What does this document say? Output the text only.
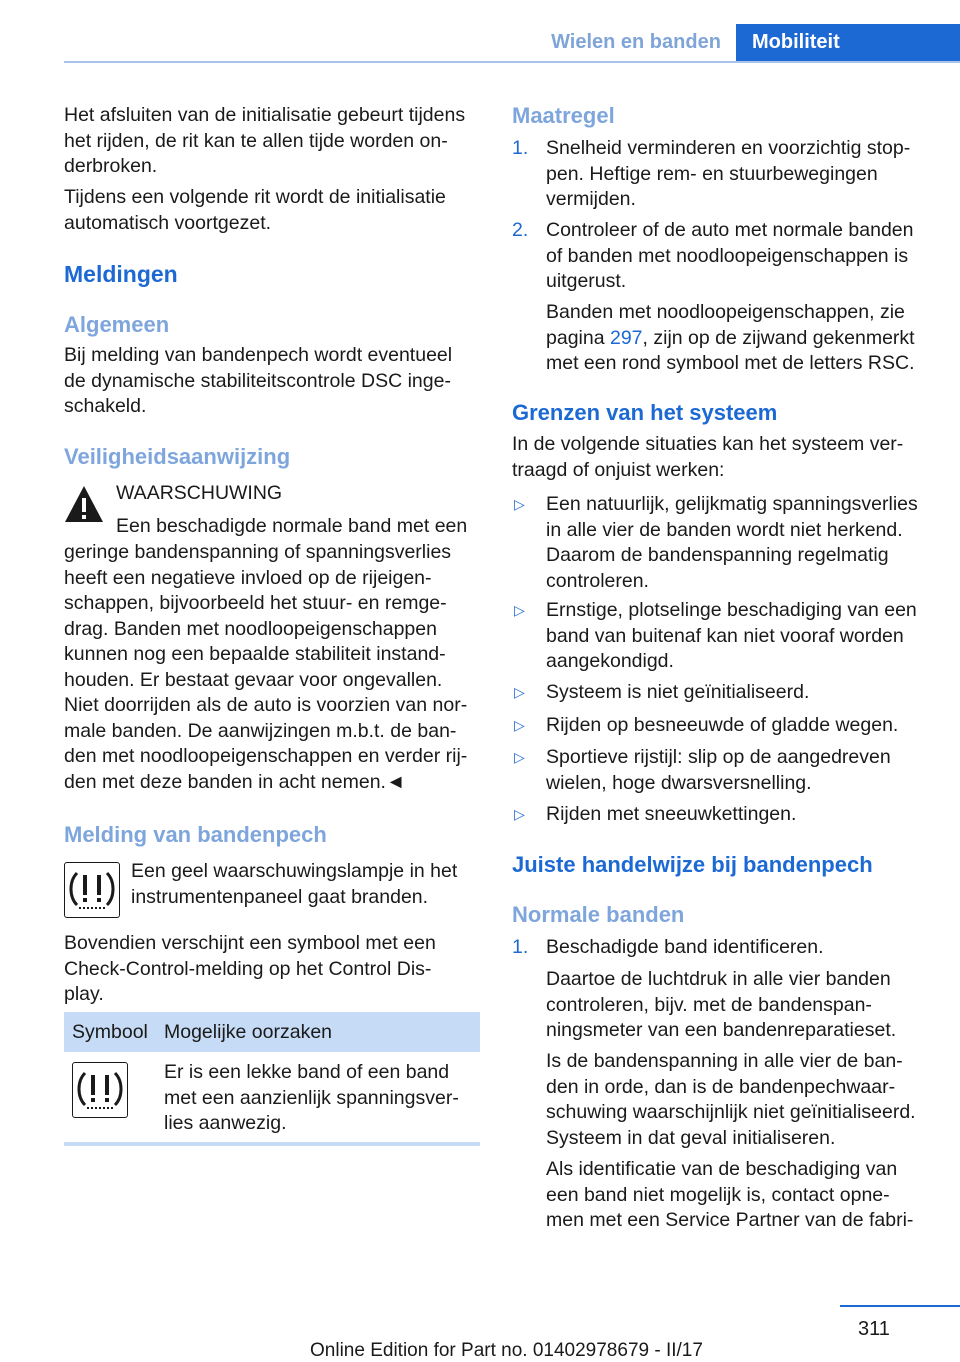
Wielen en banden	Mobiliteit
Het afsluiten van de initialisatie gebeurt tijdens
het rijden, de rit kan te allen tijde worden on-
derbroken.
Tijdens een volgende rit wordt de initialisatie
automatisch voortgezet.
Meldingen
Algemeen
Bij melding van bandenpech wordt eventueel
de dynamische stabiliteitscontrole DSC inge-
schakeld.
Veiligheidsaanwijzing
WAARSCHUWING
Een beschadigde normale band met een
geringe bandenspanning of spanningsverlies
heeft een negatieve invloed op de rijeigen-
schappen, bijvoorbeeld het stuur- en remge-
drag. Banden met noodloopeigenschappen
kunnen nog een bepaalde stabiliteit instand-
houden. Er bestaat gevaar voor ongevallen.
Niet doorrijden als de auto is voorzien van nor-
male banden. De aanwijzingen m.b.t. de ban-
den met noodloopeigenschappen en verder rij-
den met deze banden in acht nemen.◄
Melding van bandenpech
Een geel waarschuwingslampje in het
instrumentenpaneel gaat branden.
Bovendien verschijnt een symbool met een
Check-Control-melding op het Control Dis-
play.
Symbool Mogelijke oorzaken
Er is een lekke band of een band
met een aanzienlijk spanningsver-
lies aanwezig.
Maatregel
1. Snelheid verminderen en voorzichtig stop-
pen. Heftige rem- en stuurbewegingen
vermijden.
2. Controleer of de auto met normale banden
of banden met noodloopeigenschappen is
uitgerust.
Banden met noodloopeigenschappen, zie
pagina 297, zijn op de zijwand gekenmerkt
met een rond symbool met de letters RSC.
Grenzen van het systeem
In de volgende situaties kan het systeem ver-
traagd of onjuist werken:
▷ Een natuurlijk, gelijkmatig spanningsverlies
in alle vier de banden wordt niet herkend.
Daarom de bandenspanning regelmatig
controleren.
▷ Ernstige, plotselinge beschadiging van een
band van buitenaf kan niet vooraf worden
aangekondigd.
▷ Systeem is niet geïnitialiseerd.
▷ Rijden op besneeuwde of gladde wegen.
▷ Sportieve rijstijl: slip op de aangedreven
wielen, hoge dwarsversnelling.
▷ Rijden met sneeuwkettingen.
Juiste handelwijze bij bandenpech
Normale banden
1. Beschadigde band identificeren.
Daartoe de luchtdruk in alle vier banden
controleren, bijv. met de bandenspan-
ningsmeter van een bandenreparatieset.
Is de bandenspanning in alle vier de ban-
den in orde, dan is de bandenpechwaar-
schuwing waarschijnlijk niet geïnitialiseerd.
Systeem in dat geval initialiseren.
Als identificatie van de beschadiging van
een band niet mogelijk is, contact opne-
men met een Service Partner van de fabri-
311
Online Edition for Part no. 01402978679 - II/17
